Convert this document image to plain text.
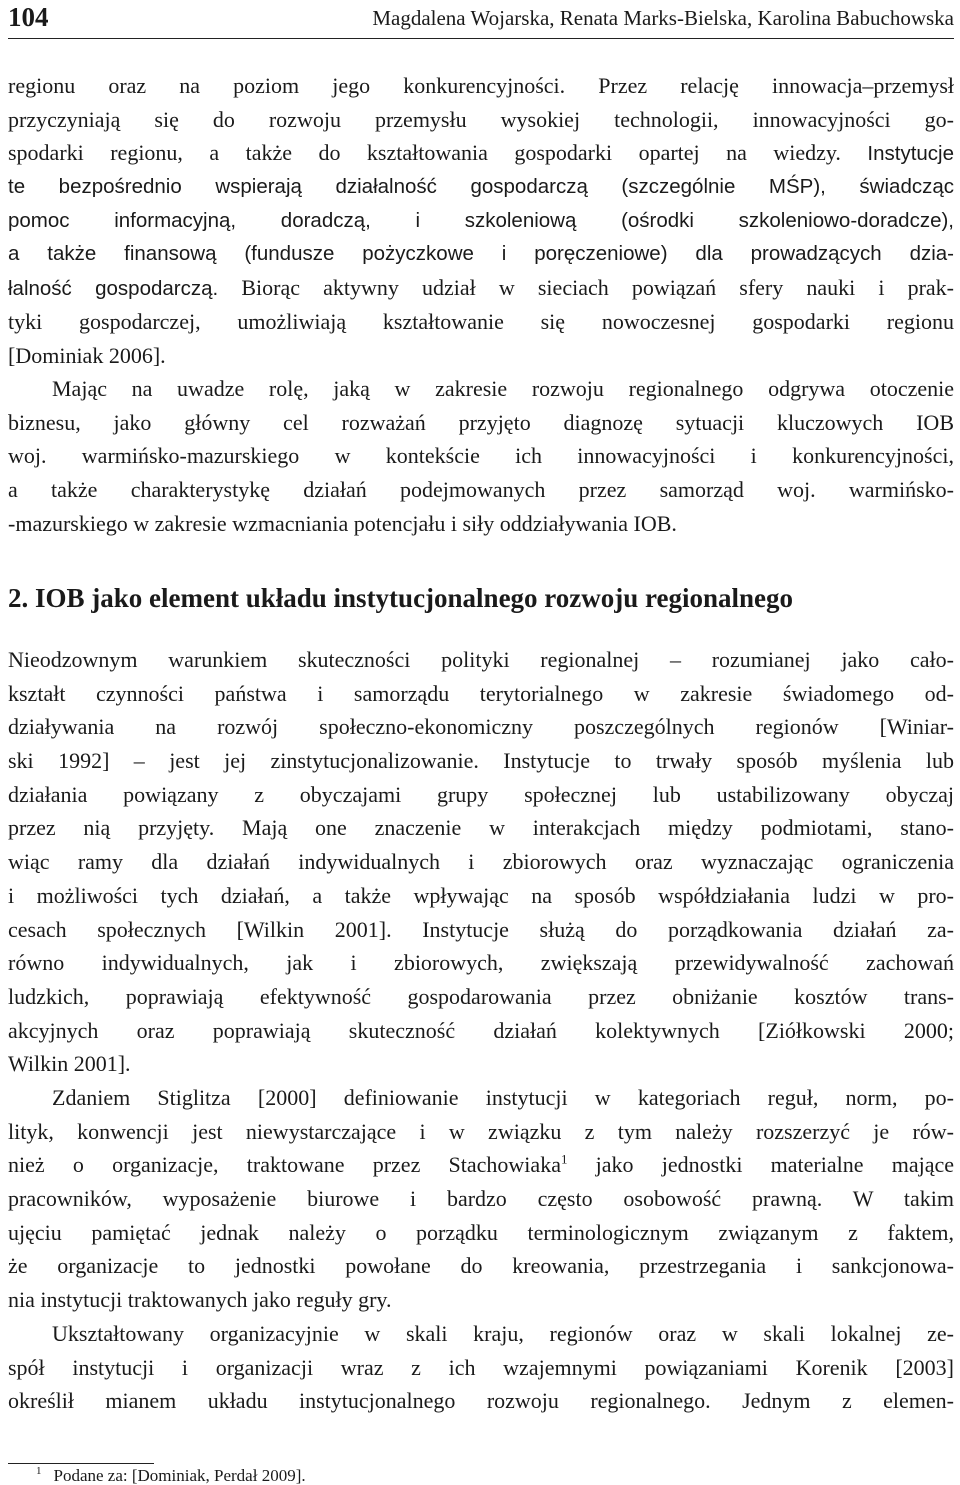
104	Magdalena Wojarska, Renata Marks-Bielska, Karolina Babuchowska
regionu oraz na poziom jego konkurencyjności. Przez relację innowacja–przemysł
przyczyniają się do rozwoju przemysłu wysokiej technologii, innowacyjności go-
spodarki regionu, a także do kształtowania gospodarki opartej na wiedzy. Instytucje
te bezpośrednio wspierają działalność gospodarczą (szczególnie MŚP), świadcząc
pomoc informacyjną, doradczą, i szkoleniową (ośrodki szkoleniowo-doradcze),
a także finansową (fundusze pożyczkowe i poręczeniowe) dla prowadzących dzia-
łalność gospodarczą. Biorąc aktywny udział w sieciach powiązań sfery nauki i prak-
tyki gospodarczej, umożliwiają kształtowanie się nowoczesnej gospodarki regionu
[Dominiak 2006].
Mając na uwadze rolę, jaką w zakresie rozwoju regionalnego odgrywa otoczenie
biznesu, jako główny cel rozważań przyjęto diagnozę sytuacji kluczowych IOB
woj. warmińsko-mazurskiego w kontekście ich innowacyjności i konkurencyjności,
a także charakterystykę działań podejmowanych przez samorząd woj. warmińsko-
-mazurskiego w zakresie wzmacniania potencjału i siły oddziaływania IOB.
2. IOB jako element układu instytucjonalnego rozwoju regionalnego
Nieodzownym warunkiem skuteczności polityki regionalnej – rozumianej jako cało-
kształt czynności państwa i samorządu terytorialnego w zakresie świadomego od-
działywania na rozwój społeczno-ekonomiczny poszczególnych regionów [Winiar-
ski 1992] – jest jej zinstytucjonalizowanie. Instytucje to trwały sposób myślenia lub
działania powiązany z obyczajami grupy społecznej lub ustabilizowany obyczaj
przez nią przyjęty. Mają one znaczenie w interakcjach między podmiotami, stano-
wiąc ramy dla działań indywidualnych i zbiorowych oraz wyznaczając ograniczenia
i możliwości tych działań, a także wpływając na sposób współdziałania ludzi w pro-
cesach społecznych [Wilkin 2001]. Instytucje służą do porządkowania działań za-
równo indywidualnych, jak i zbiorowych, zwiększają przewidywalność zachowań
ludzkich, poprawiają efektywność gospodarowania przez obniżanie kosztów trans-
akcyjnych oraz poprawiają skuteczność działań kolektywnych [Ziółkowski 2000;
Wilkin 2001].
Zdaniem Stiglitza [2000] definiowanie instytucji w kategoriach reguł, norm, po-
lityk, konwencji jest niewystarczające i w związku z tym należy rozszerzyć je rów-
nież o organizacje, traktowane przez Stachowiaka$^1$ jako jednostki materialne mające
pracowników, wyposażenie biurowe i bardzo często osobowość prawną. W takim
ujęciu pamiętać jednak należy o porządku terminologicznym związanym z faktem,
że organizacje to jednostki powołane do kreowania, przestrzegania i sankcjonowa-
nia instytucji traktowanych jako reguły gry.
Ukształtowany organizacyjnie w skali kraju, regionów oraz w skali lokalnej ze-
spół instytucji i organizacji wraz z ich wzajemnymi powiązaniami Korenik [2003]
określił mianem układu instytucjonalnego rozwoju regionalnego. Jednym z elemen-
$^1$ Podane za: [Dominiak, Perdał 2009].
